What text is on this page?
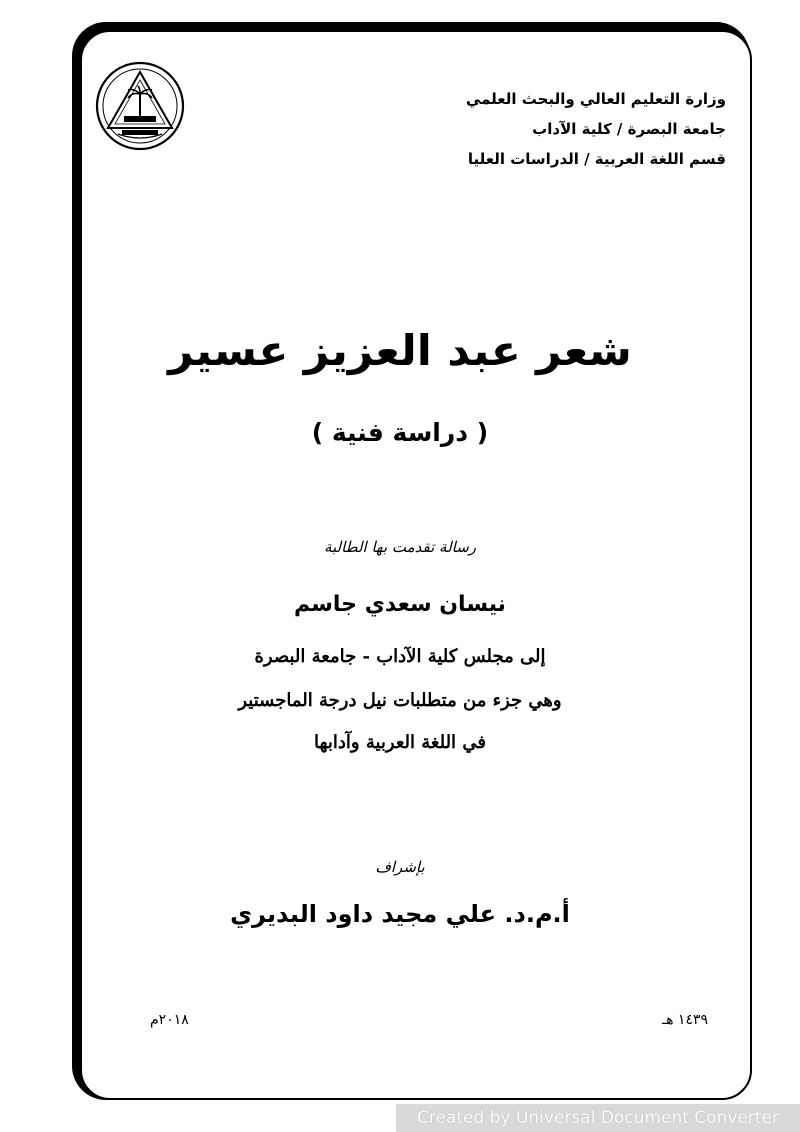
وزارة التعليم العالي والبحث العلمي
جامعة البصرة / كلية الآداب
قسم اللغة العربية / الدراسات العليا
شعر عبد العزيز عسير
( دراسة فنية )
رسالة تقدمت بها الطالبة
نيسان سعدي جاسم
إلى مجلس كلية الآداب - جامعة البصرة
وهي جزء من متطلبات نيل درجة الماجستير
في اللغة العربية وآدابها
بإشراف
أ.م.د. علي مجيد داود البديري
١٤٣٩ هـ
٢٠١٨م
Created by Universal Document Converter
